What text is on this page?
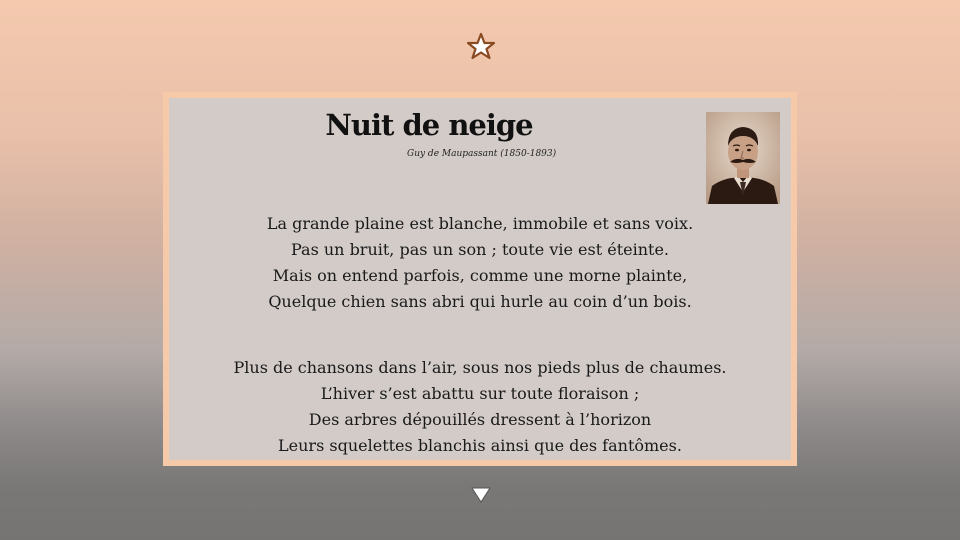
Nuit de neige
Guy de Maupassant (1850-1893)
La grande plaine est blanche, immobile et sans voix.
Pas un bruit, pas un son ; toute vie est éteinte.
Mais on entend parfois, comme une morne plainte,
Quelque chien sans abri qui hurle au coin d’un bois.
Plus de chansons dans l’air, sous nos pieds plus de chaumes.
L’hiver s’est abattu sur toute floraison ;
Des arbres dépouillés dressent à l’horizon
Leurs squelettes blanchis ainsi que des fantômes.
